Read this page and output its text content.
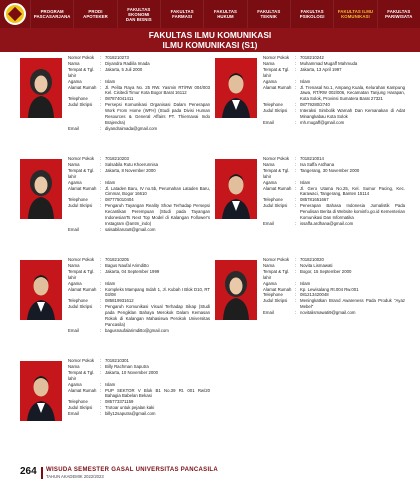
PROGRAM
PASCASARJANA
PRODI
APOTEKER
FAKULTAS EKONOMI
DAN BISNIS
FAKULTAS
FARMASI
FAKULTAS
HUKUM
FAKULTAS
TEKNIK
FAKULTAS
PSIKOLOGI
FAKULTAS ILMU
KOMUNIKASI
FAKULTAS
PARIWISATA
FAKULTAS ILMU KOMUNIKASI
ILMU KOMUNIKASI (S1)
Nomor Pokok	: 7018210273
Nama	: Diyandra Radiila Imada
Tempat & Tgl. lahir
: Jakarta, 5 Juli 2000
Agama	: Islam
Alamat Rumah : Jl. Pelita Raya No. 25 RW. Yasmin RT/RW 004/003 Kel. Cisitedi Timur Kota Bogor Barat 16112
Telephone	: 087874041411
Judul Skripsi	: Persepsi Komunikasi Organisasi Dalam Penerapan Work From Home (WFH) (Studi pada Divisi Human Resources & General Affairs PT. Thiernavai Indo Brajendra)
Email	: diyandraimada@gmail.com
Nomor Pokok	: 7018210242
Nama	: Muhammad Mugaff Mahmuda
Tempat & Tgl. lahir
: Jakarta, 13 April 1997
Agama	: Islam
Alamat Rumah : Jl. Trenasal No.1, Ampang Kuala, Kelurahan Kampung Jawa, RT/RW 002/006, Kecamatan Tanjung Harapan, Kota Solok, Provinsi Sumatera Barat 27321
Telephone	: 08779280/2740
Judul Skripsi	: Interaksi Simbolik Warnah Dan Kemanakan di Adat Minangkabau Kota Solok
Email	: mh.mugaff@gmail.com
Nomor Pokok	: 7018210203
Nama	: Salsabila Rutu Khoerunnisa
Tempat & Tgl. lahir
: Jakarta, 8 November 2000
Agama	: Islam
Alamat Rumah : Jl. Lataden Baru, IV no.5b, Perumahan Lataden Baru, Cimmar, Bogor 16610
Telephone	: 087775010404
Judul Skripsi	: Pengaruh Tayangan Reality Show Terhadap Persepsi Kecantikan Perempuan (Studi pada Tayangan IndonesianTs Next Top Model di Kalangan Follower's Instagram @antm_indo)
Email	: salsabilarutu8@gmail.com
Nomor Pokok	: 7018210014
Nama	: Isa Saffa Ardhana
Tempat & Tgl. lahir
: Tangerang, 30 November 2000
Agama	: Islam
Alamat Rumah : Jl. Gero Utama No.25, Kel. Sumur Pacing, Kec. Karawaci, Tangerang, Banten 15114
Telephone	: 085781651667
Judul Skripsi	: Penerapan Bahasa Indonesia Jurnalistik Pada Penulisan Berita di Website kominfo.go.id Kementerian Komunikasi Dan Informatika
Email	: issaffa.ardhana@gmail.com
Nomor Pokok	: 7018210205
Nama	: Bagus Naufal Arimditto
Tempat & Tgl. lahir
: Jakarta, 04 September 1999
Agama	: Islam
Alamat Rumah : Kompleks Mampang Indah 1, Jl. Kubah I Blok D10, RT 03/08
Telephone	: 085819931612
Judul Skripsi	: Pengaruh Komunikasi Visual Terhadap Sikap (Studi pada Pengiklan Bahaya Merokok Dalam Kemasan Rokok di Kalangan Mahasiswa Perokok Universitas Pancasila)
Email	: bagusnaufalarimditto@gmail.com
Nomor Pokok	: 7018210020
Nama	: Novita Lismawati
Tempat & Tgl. lahir
: Bogor, 15 September 2000
Agama	: Islam
Alamat Rumah : Kp. Lewisalang Rt.004 Rw.001
Telephone	: 081213420048
Judul Skripsi	: Meningkatkan Brand Awareness Pada Produk "Ayaz Mebel"
Email	: novitalismawati9@gmail.com
Nomor Pokok	: 7018210301
Nama	: Billy Rachman Saputra
Tempat & Tgl. lahir
: Jakarta, 10 November 2000
Agama	: Islam
Alamat Rumah : PUP SEKTOR V Blok B1 No.39 Rt. 001 Rw/20 Bahagia Babelan Bekasi
Telephone	: 085773371159
Judul Skripsi	: Trotoar untuk pejalan kaki
Email	: billy12saputra@gmail.com
264 WISUDA SEMESTER GASAL UNIVERSITAS PANCASILA
TAHUN AKADEMIK 2022/2023
